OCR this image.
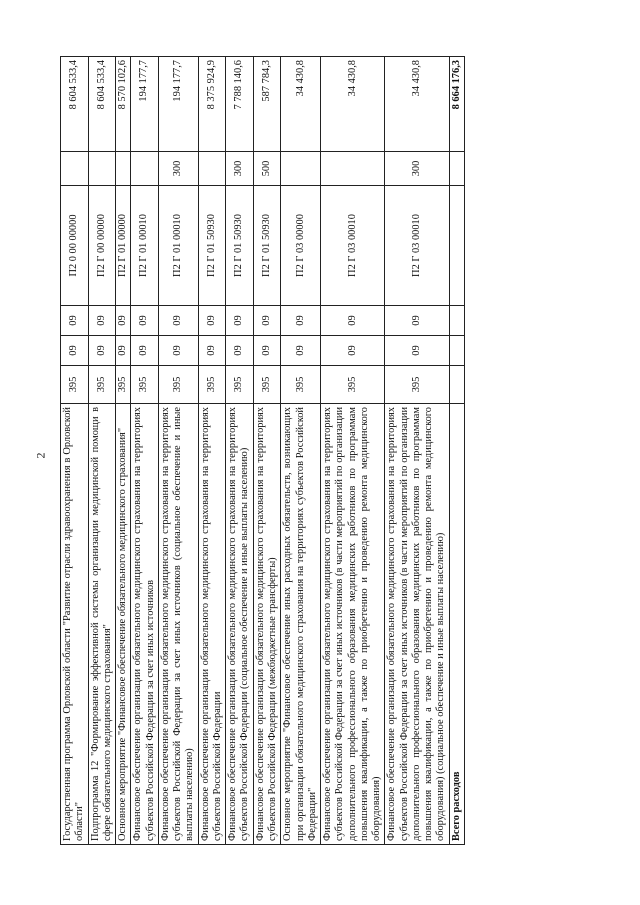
2 Государственная программа Орловской области "Развитие отрасли здравоохранения в Орловской области"	395	09	09	П2 0 00 00000		8 604 533,4
Подпрограмма 12 "Формирование эффективной системы организации медицинской помощи в сфере обязательного медицинского страхования"	395	09	09	П2 Г 00 00000		8 604 533,4
Основное мероприятие "Финансовое обеспечение обязательного медицинского страхования"	395	09	09	П2 Г 01 00000		8 570 102,6
Финансовое обеспечение организации обязательного медицинского страхования на территориях субъектов Российской Федерации за счет иных источников	395	09	09	П2 Г 01 00010		194 177,7
Финансовое обеспечение организации обязательного медицинского страхования на территориях субъектов Российской Федерации за счет иных источников (социальное обеспечение и иные выплаты населению)	395	09	09	П2 Г 01 00010	300	194 177,7
Финансовое обеспечение организации обязательного медицинского страхования на территориях субъектов Российской Федерации	395	09	09	П2 Г 01 50930		8 375 924,9
Финансовое обеспечение организации обязательного медицинского страхования на территориях субъектов Российской Федерации (социальное обеспечение и иные выплаты населению)	395	09	09	П2 Г 01 50930	300	7 788 140,6
Финансовое обеспечение организации обязательного медицинского страхования на территориях субъектов Российской Федерации (межбюджетные трансферты)	395	09	09	П2 Г 01 50930	500	587 784,3
Основное мероприятие "Финансовое обеспечение иных расходных обязательств, возникающих при организации обязательного медицинского страхования на территориях субъектов Российской Федерации"	395	09	09	П2 Г 03 00000		34 430,8
Финансовое обеспечение организации обязательного медицинского страхования на территориях субъектов Российской Федерации за счет иных источников (в части мероприятий по организации дополнительного профессионального образования медицинских работников по программам повышения квалификации, а также по приобретению и проведению ремонта медицинского оборудования)	395	09	09	П2 Г 03 00010		34 430,8
Финансовое обеспечение организации обязательного медицинского страхования на территориях субъектов Российской Федерации за счет иных источников (в части мероприятий по организации дополнительного профессионального образования медицинских работников по программам повышения квалификации, а также по приобретению и проведению ремонта медицинского оборудования) (социальное обеспечение и иные выплаты населению)	395	09	09	П2 Г 03 00010	300	34 430,8
Всего расходов						8 664 176,3
